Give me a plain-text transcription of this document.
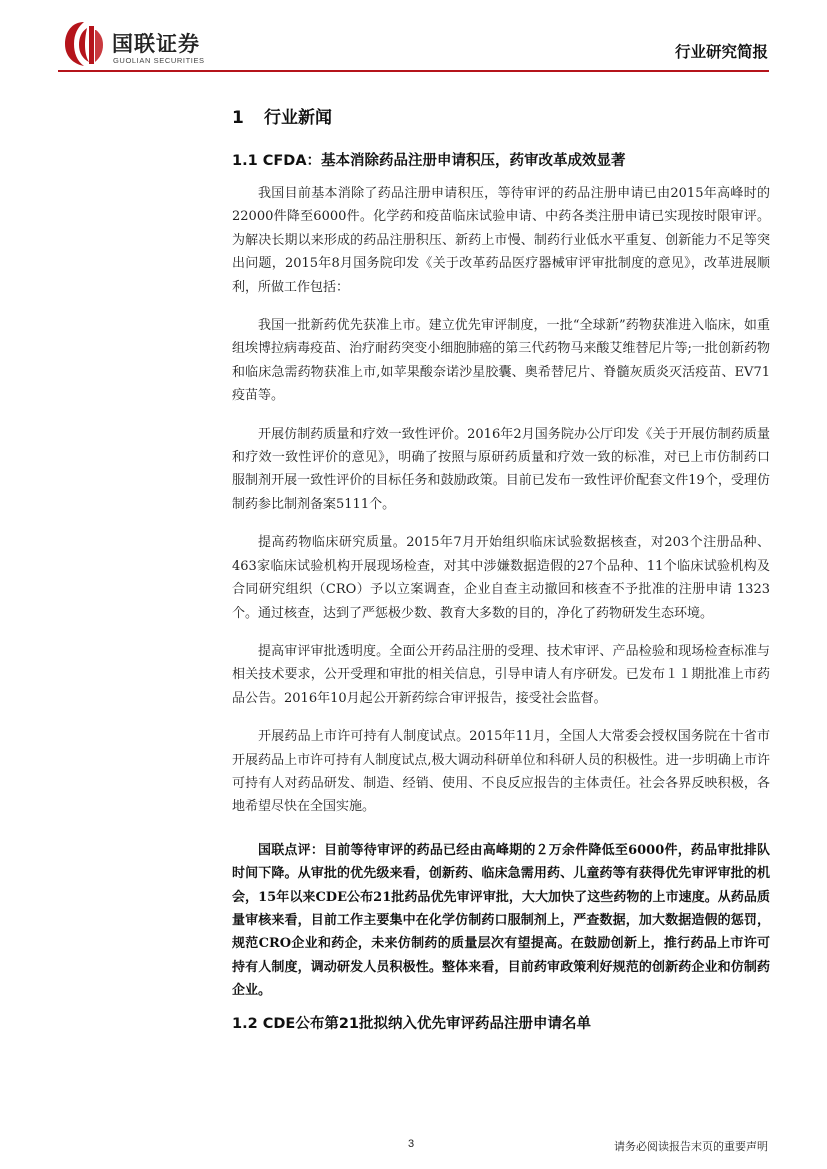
国联证券
GUOLIAN SECURITIES	行业研究简报
1 行业新闻
1.1 CFDA：基本消除药品注册申请积压，药审改革成效显著

我国目前基本消除了药品注册申请积压，等待审评的药品注册申请已由2015年高峰时的22000件降至6000件。化学药和疫苗临床试验申请、中药各类注册申请已实现按时限审评。为解决长期以来形成的药品注册积压、新药上市慢、制药行业低水平重复、创新能力不足等突出问题，2015年8月国务院印发《关于改革药品医疗器械审评审批制度的意见》，改革进展顺利，所做工作包括：

我国一批新药优先获准上市。建立优先审评制度，一批“全球新”药物获准进入临床，如重组埃博拉病毒疫苗、治疗耐药突变小细胞肺癌的第三代药物马来酸艾维替尼片等;一批创新药物和临床急需药物获准上市,如苹果酸奈诺沙星胶囊、奥希替尼片、脊髓灰质炎灭活疫苗、EV71疫苗等。

开展仿制药质量和疗效一致性评价。2016年2月国务院办公厅印发《关于开展仿制药质量和疗效一致性评价的意见》，明确了按照与原研药质量和疗效一致的标准，对已上市仿制药口服制剂开展一致性评价的目标任务和鼓励政策。目前已发布一致性评价配套文件19个，受理仿制药参比制剂备案5111个。

提高药物临床研究质量。2015年7月开始组织临床试验数据核查，对203个注册品种、463家临床试验机构开展现场检查，对其中涉嫌数据造假的27个品种、11个临床试验机构及合同研究组织（CRO）予以立案调查，企业自查主动撤回和核查不予批准的注册申请 1323个。通过核查，达到了严惩极少数、教育大多数的目的，净化了药物研发生态环境。

提高审评审批透明度。全面公开药品注册的受理、技术审评、产品检验和现场检查标准与相关技术要求，公开受理和审批的相关信息，引导申请人有序研发。已发布１１期批准上市药品公告。2016年10月起公开新药综合审评报告，接受社会监督。

开展药品上市许可持有人制度试点。2015年11月，全国人大常委会授权国务院在十省市开展药品上市许可持有人制度试点,极大调动科研单位和科研人员的积极性。进一步明确上市许可持有人对药品研发、制造、经销、使用、不良反应报告的主体责任。社会各界反映积极，各地希望尽快在全国实施。

国联点评：目前等待审评的药品已经由高峰期的２万余件降低至6000件，药品审批排队时间下降。从审批的优先级来看，创新药、临床急需用药、儿童药等有获得优先审评审批的机会，15年以来CDE公布21批药品优先审评审批，大大加快了这些药物的上市速度。从药品质量审核来看，目前工作主要集中在化学仿制药口服制剂上，严查数据，加大数据造假的惩罚，规范CRO企业和药企，未来仿制药的质量层次有望提高。在鼓励创新上，推行药品上市许可持有人制度，调动研发人员积极性。整体来看，目前药审政策利好规范的创新药企业和仿制药企业。

1.2 CDE公布第21批拟纳入优先审评药品注册申请名单
3	请务必阅读报告末页的重要声明
